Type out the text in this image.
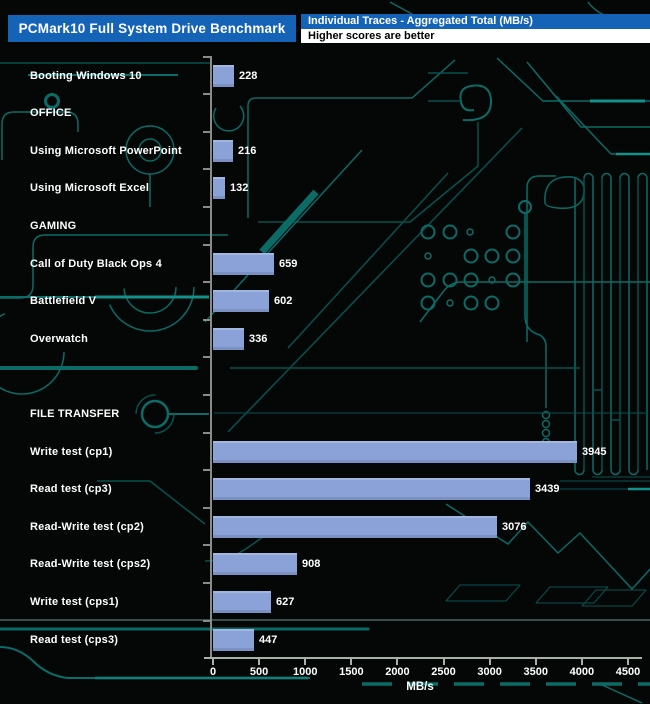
PCMark10 Full System Drive Benchmark	Individual Traces - Aggregated Total (MB/s)
Higher scores are better
Booting Windows 10	228
OFFICE
Using Microsoft PowerPoint	216
Using Microsoft Excel	132
GAMING
Call of Duty Black Ops 4	659
Battlefield V	602
Overwatch	336
FILE TRANSFER
Write test (cp1)	3945
Read test (cp3)	3439
Read-Write test (cp2)	3076
Read-Write test (cps2)	908
Write test (cps1)	627
Read test (cps3)	447
0	500 1000 1500 2000 2500 3000 3500 4000 4500
MB/s
